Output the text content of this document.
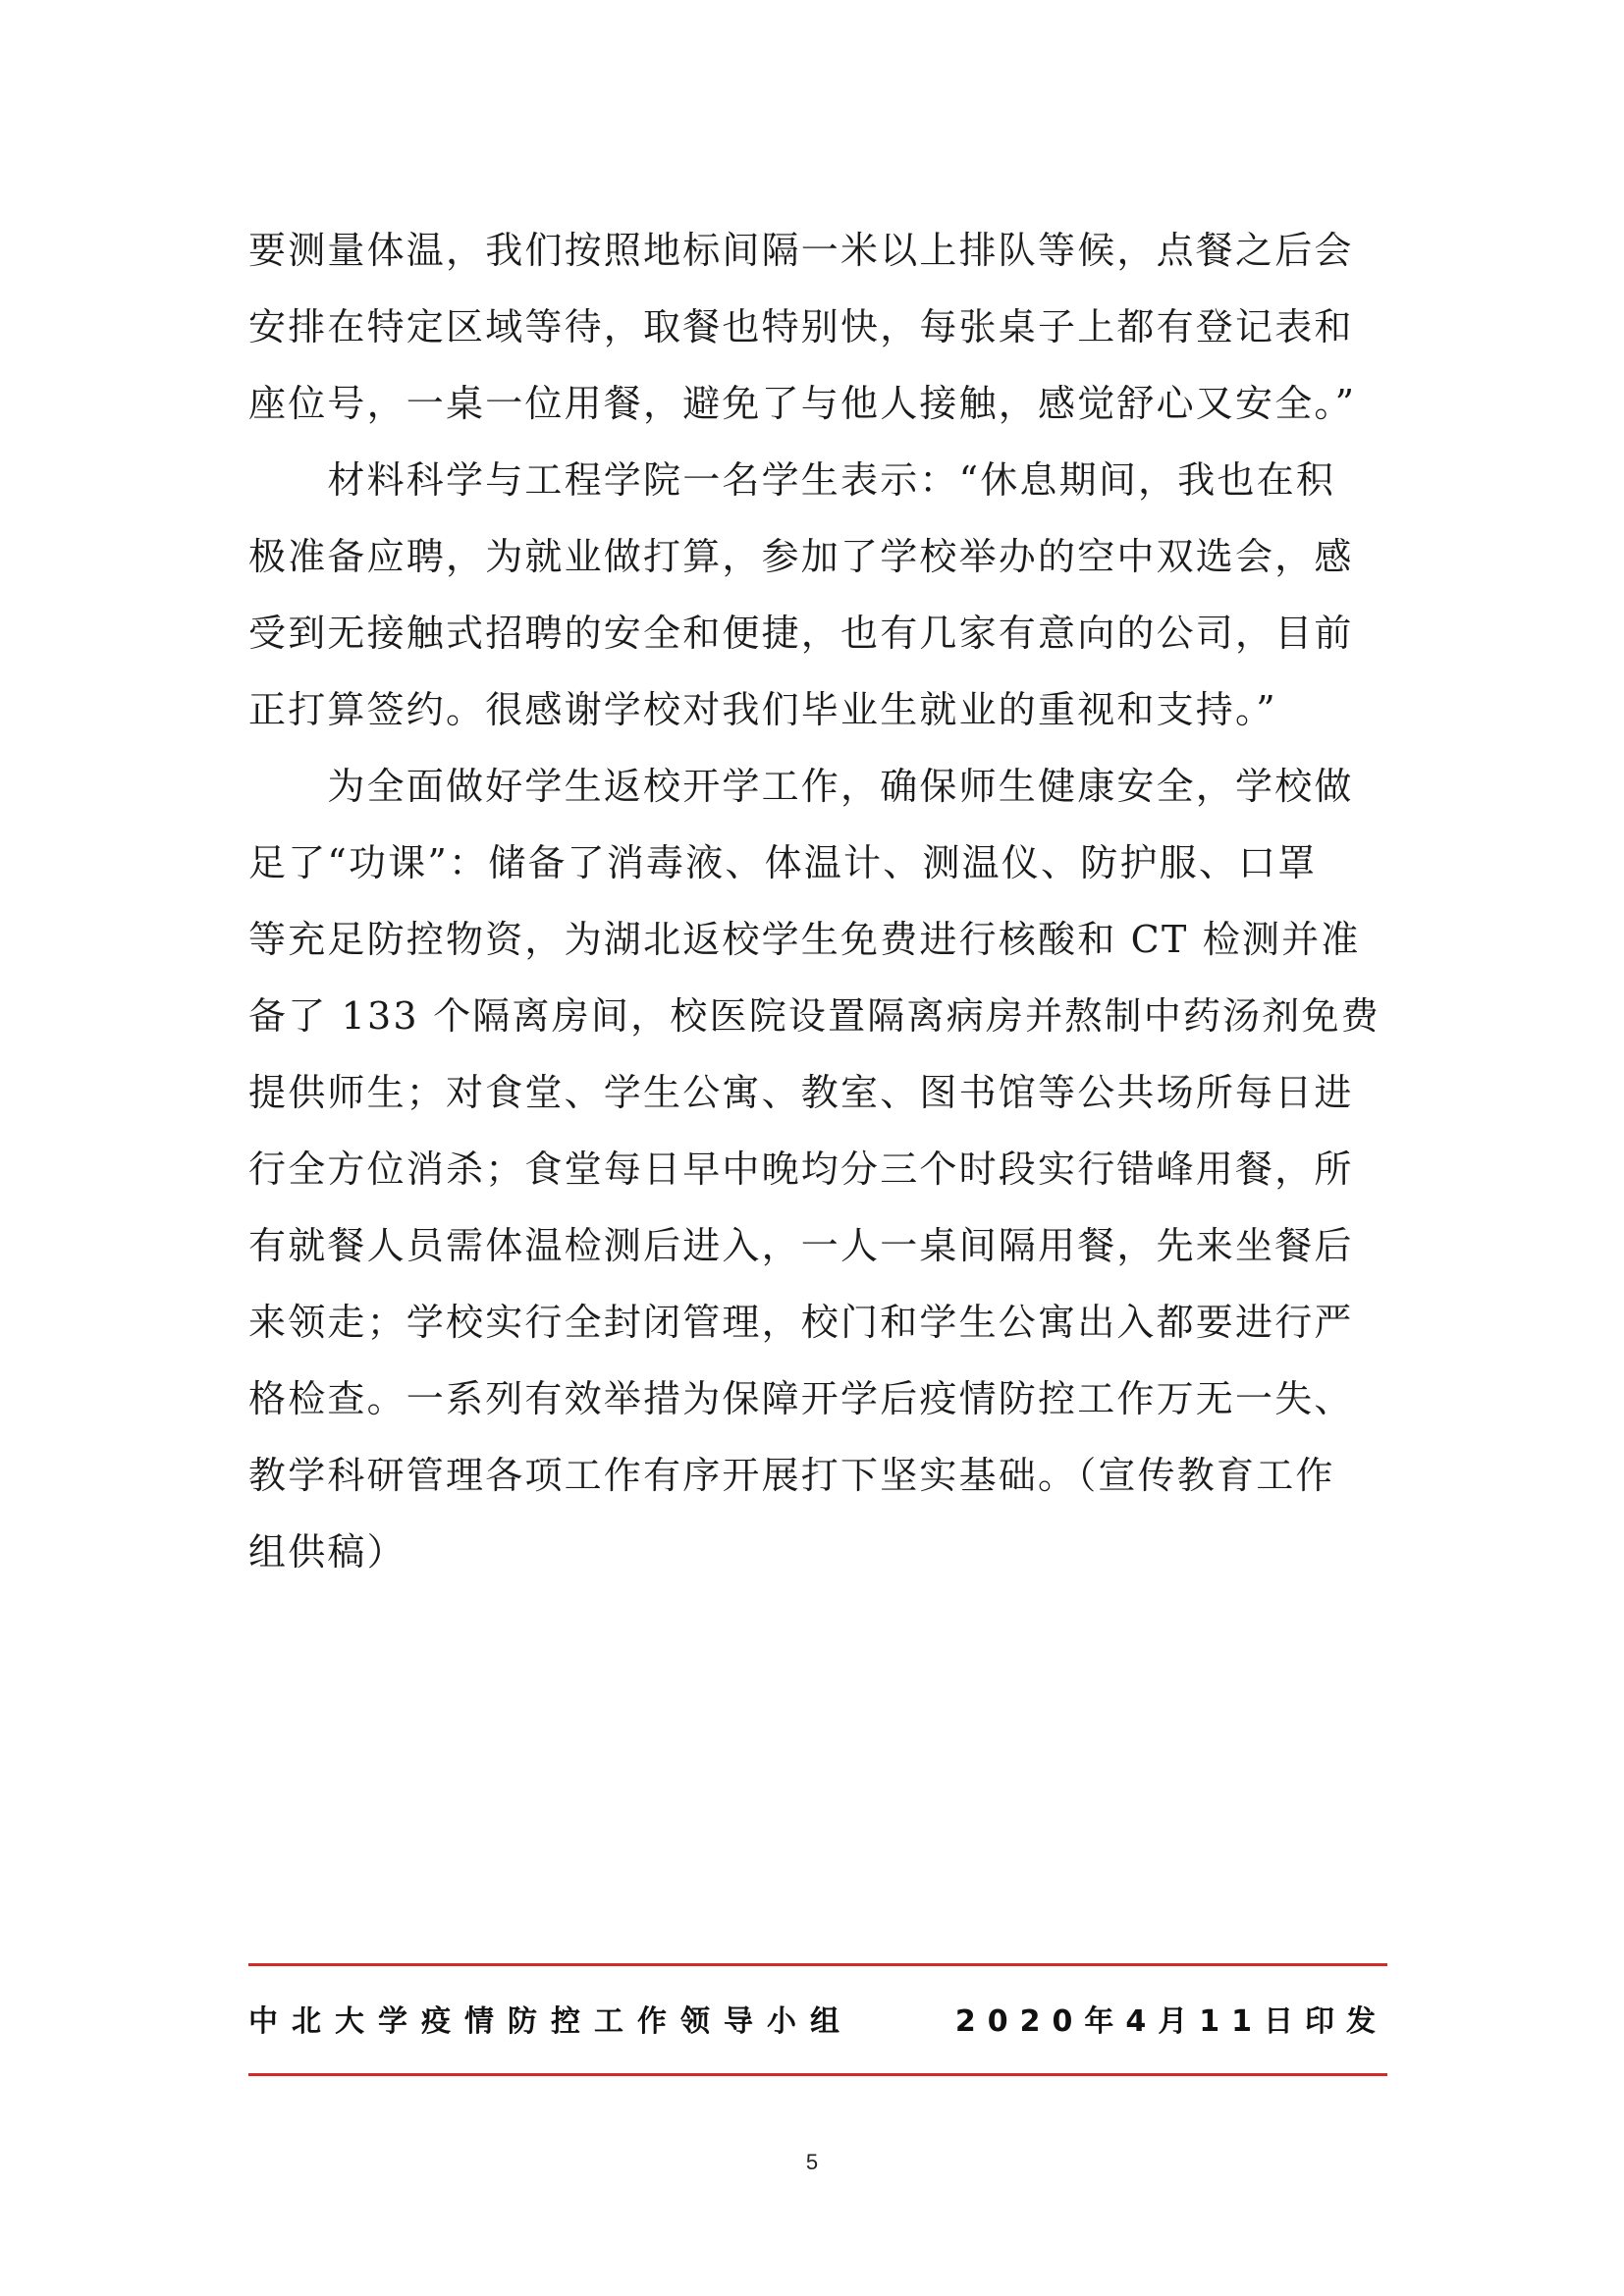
要测量体温，我们按照地标间隔一米以上排队等候，点餐之后会
安排在特定区域等待，取餐也特别快，每张桌子上都有登记表和
座位号，一桌一位用餐，避免了与他人接触，感觉舒心又安全。”
　　材料科学与工程学院一名学生表示：“休息期间，我也在积
极准备应聘，为就业做打算，参加了学校举办的空中双选会，感
受到无接触式招聘的安全和便捷，也有几家有意向的公司，目前
正打算签约。很感谢学校对我们毕业生就业的重视和支持。”
　　为全面做好学生返校开学工作，确保师生健康安全，学校做
足了“功课”：储备了消毒液、体温计、测温仪、防护服、口罩
等充足防控物资，为湖北返校学生免费进行核酸和 CT 检测并准
备了 133 个隔离房间，校医院设置隔离病房并熬制中药汤剂免费
提供师生；对食堂、学生公寓、教室、图书馆等公共场所每日进
行全方位消杀；食堂每日早中晚均分三个时段实行错峰用餐，所
有就餐人员需体温检测后进入，一人一桌间隔用餐，先来坐餐后
来领走；学校实行全封闭管理，校门和学生公寓出入都要进行严
格检查。一系列有效举措为保障开学后疫情防控工作万无一失、
教学科研管理各项工作有序开展打下坚实基础。（宣传教育工作
组供稿）
中北大学疫情防控工作领导小组	2020年4月11日印发
5
